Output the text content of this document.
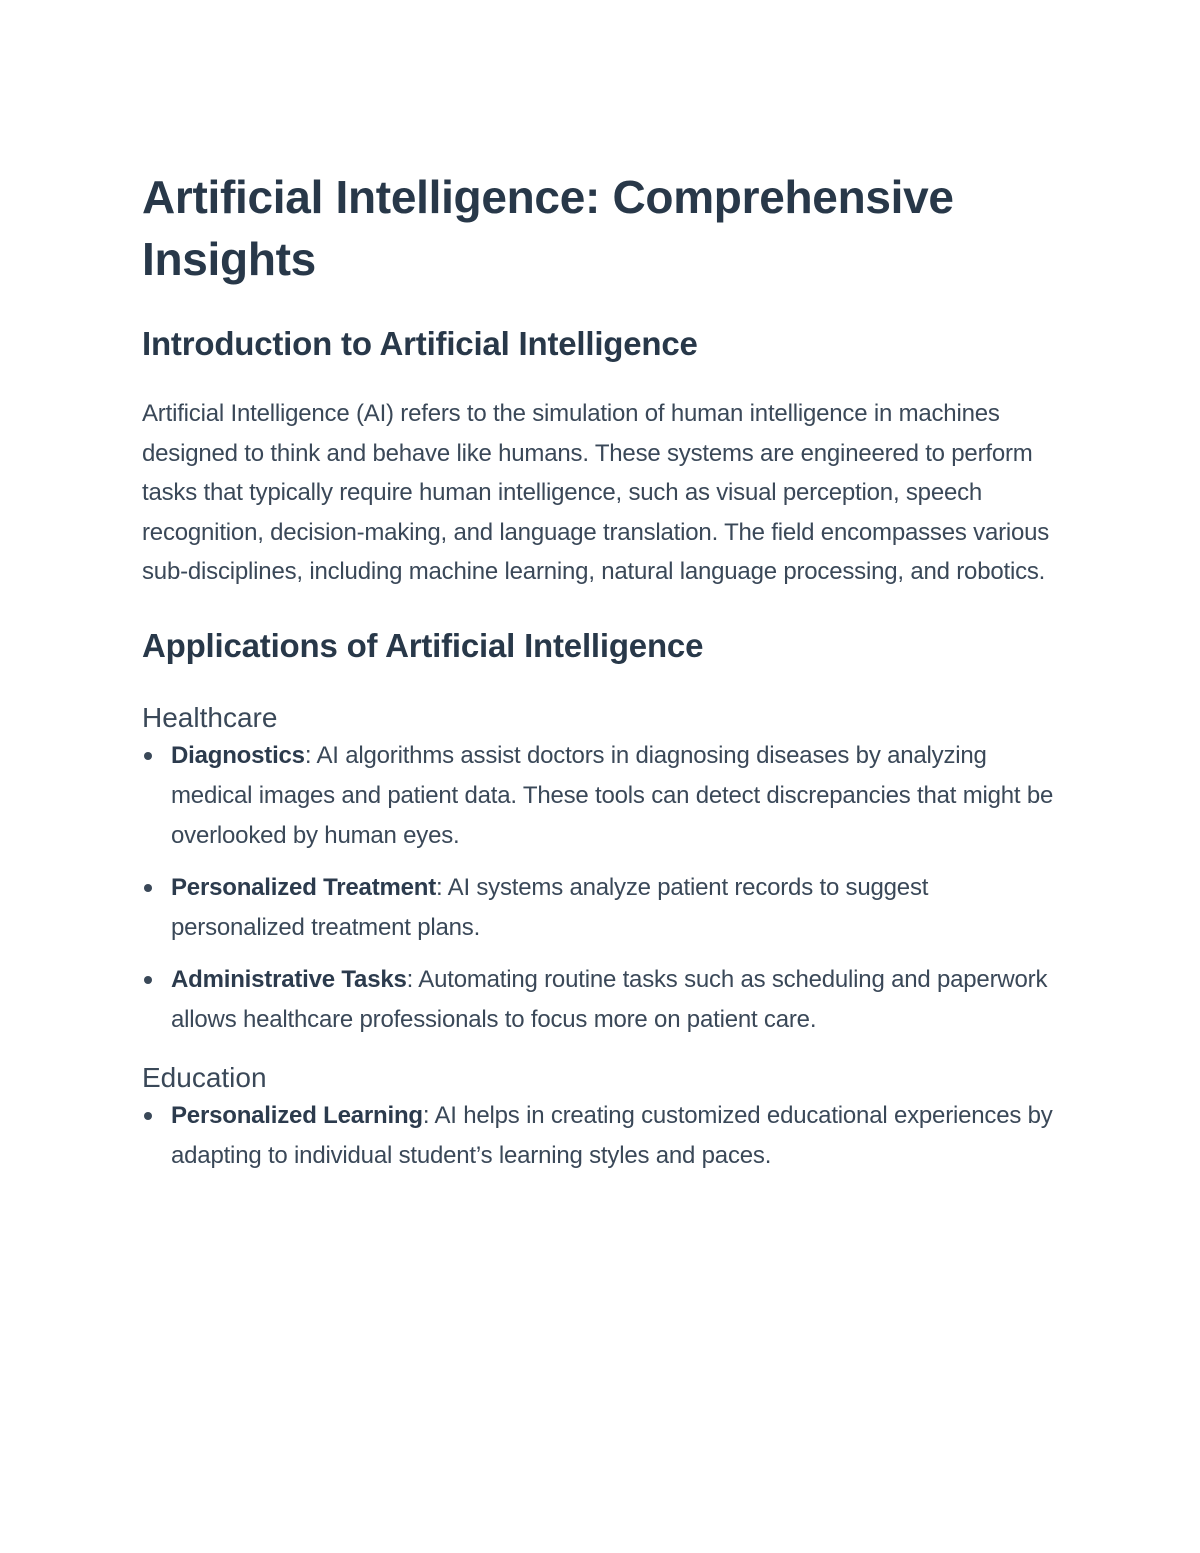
Artificial Intelligence: Comprehensive Insights
Introduction to Artificial Intelligence

Artificial Intelligence (AI) refers to the simulation of human intelligence in machines designed to think and behave like humans. These systems are engineered to perform tasks that typically require human intelligence, such as visual perception, speech recognition, decision-making, and language translation. The field encompasses various sub-disciplines, including machine learning, natural language processing, and robotics.

Applications of Artificial Intelligence
Healthcare
Diagnostics: AI algorithms assist doctors in diagnosing diseases by analyzing medical images and patient data. These tools can detect discrepancies that might be overlooked by human eyes.
Personalized Treatment: AI systems analyze patient records to suggest personalized treatment plans.
Administrative Tasks: Automating routine tasks such as scheduling and paperwork allows healthcare professionals to focus more on patient care.
Education
Personalized Learning: AI helps in creating customized educational experiences by adapting to individual student’s learning styles and paces.
